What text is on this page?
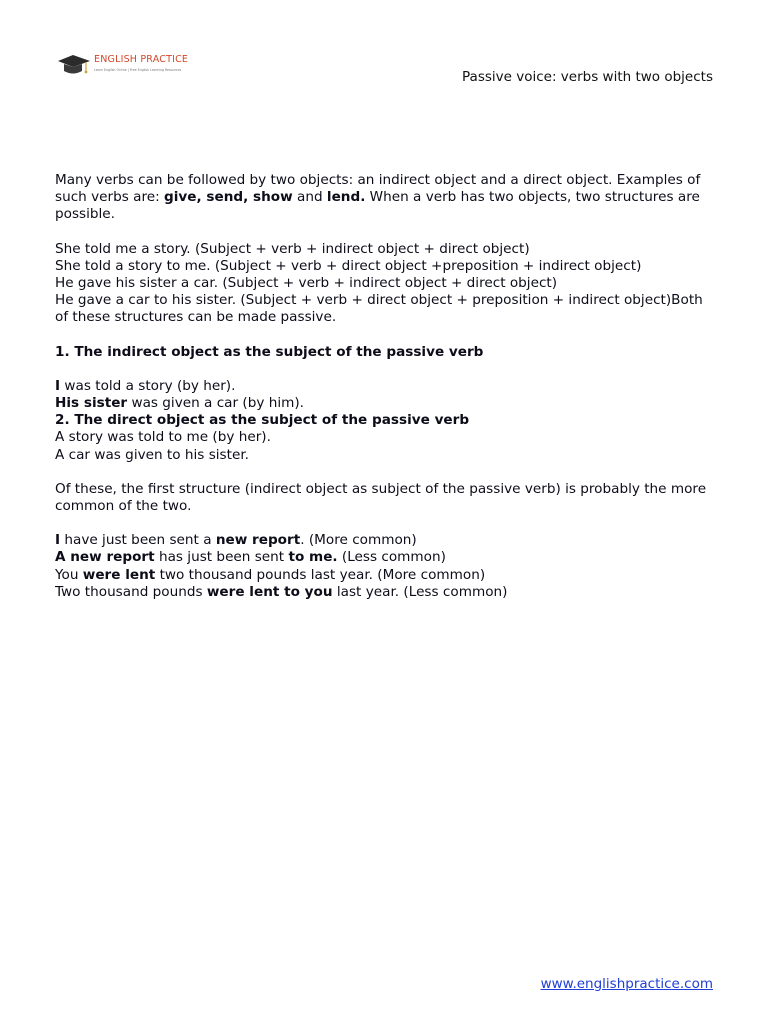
ENGLISH PRACTICE
Learn English Online | Free English Learning Resources	Passive voice: verbs with two objects

Many verbs can be followed by two objects: an indirect object and a direct object. Examples of such verbs are: give, send, show and lend. When a verb has two objects, two structures are possible.

She told me a story. (Subject + verb + indirect object + direct object)

She told a story to me. (Subject + verb + direct object +preposition + indirect object)

He gave his sister a car. (Subject + verb + indirect object + direct object)

He gave a car to his sister. (Subject + verb + direct object + preposition + indirect object)Both of these structures can be made passive.

1. The indirect object as the subject of the passive verb

I was told a story (by her).

His sister was given a car (by him).

2. The direct object as the subject of the passive verb

A story was told to me (by her).

A car was given to his sister.

Of these, the first structure (indirect object as subject of the passive verb) is probably the more common of the two.

I have just been sent a new report. (More common)

A new report has just been sent to me. (Less common)

You were lent two thousand pounds last year. (More common)

Two thousand pounds were lent to you last year. (Less common)

www.englishpractice.com
